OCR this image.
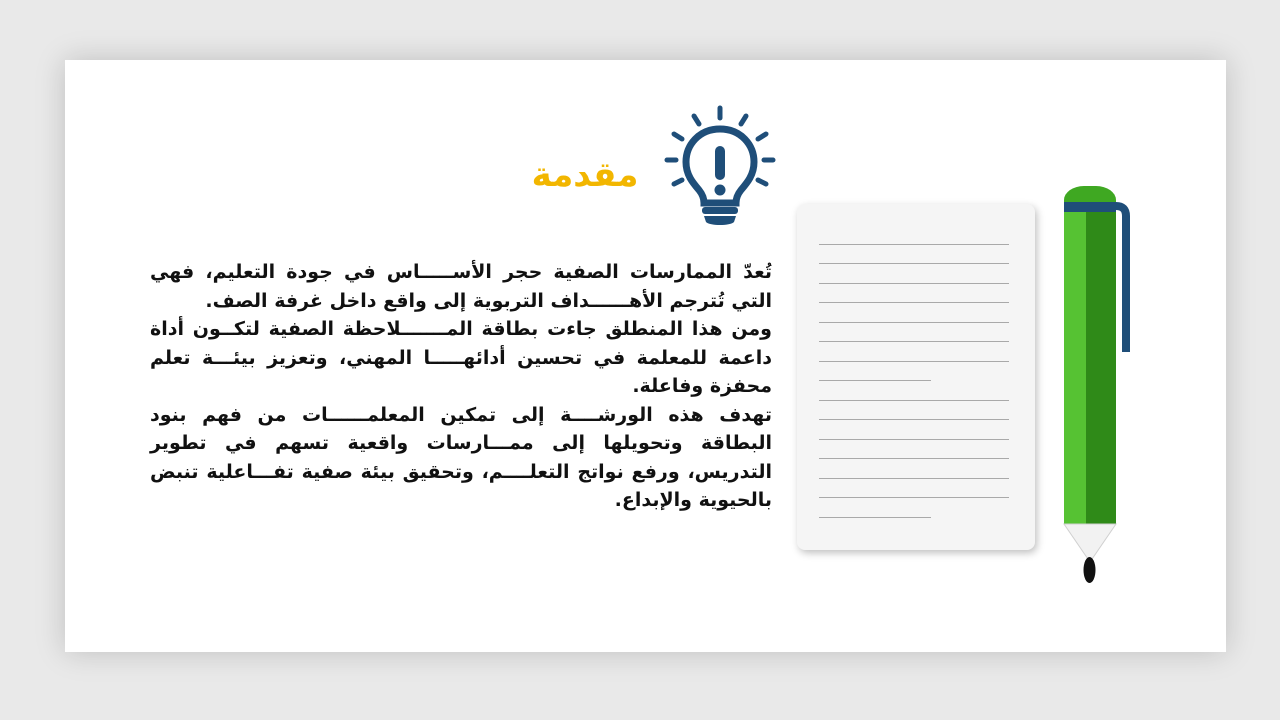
مقدمة

تُعدّ الممارسات الصفية حجر الأســـــاس في جودة التعليم، فهي التي تُترجم الأهــــــداف التربوية إلى واقع داخل غرفة الصف.

ومن هذا المنطلق جاءت بطاقة المـــــــلاحظة الصفية لتكــون أداة داعمة للمعلمة في تحسين أدائهـــــا المهني، وتعزيز بيئـــة تعلم محفزة وفاعلة.

تهدف هذه الورشــــة إلى تمكين المعلمــــــات من فهم بنود البطاقة وتحويلها إلى ممـــارسات واقعية تسهم في تطوير التدريس، ورفع نواتج التعلــــم، وتحقيق بيئة صفية تفـــاعلية تنبض بالحيوية والإبداع.
